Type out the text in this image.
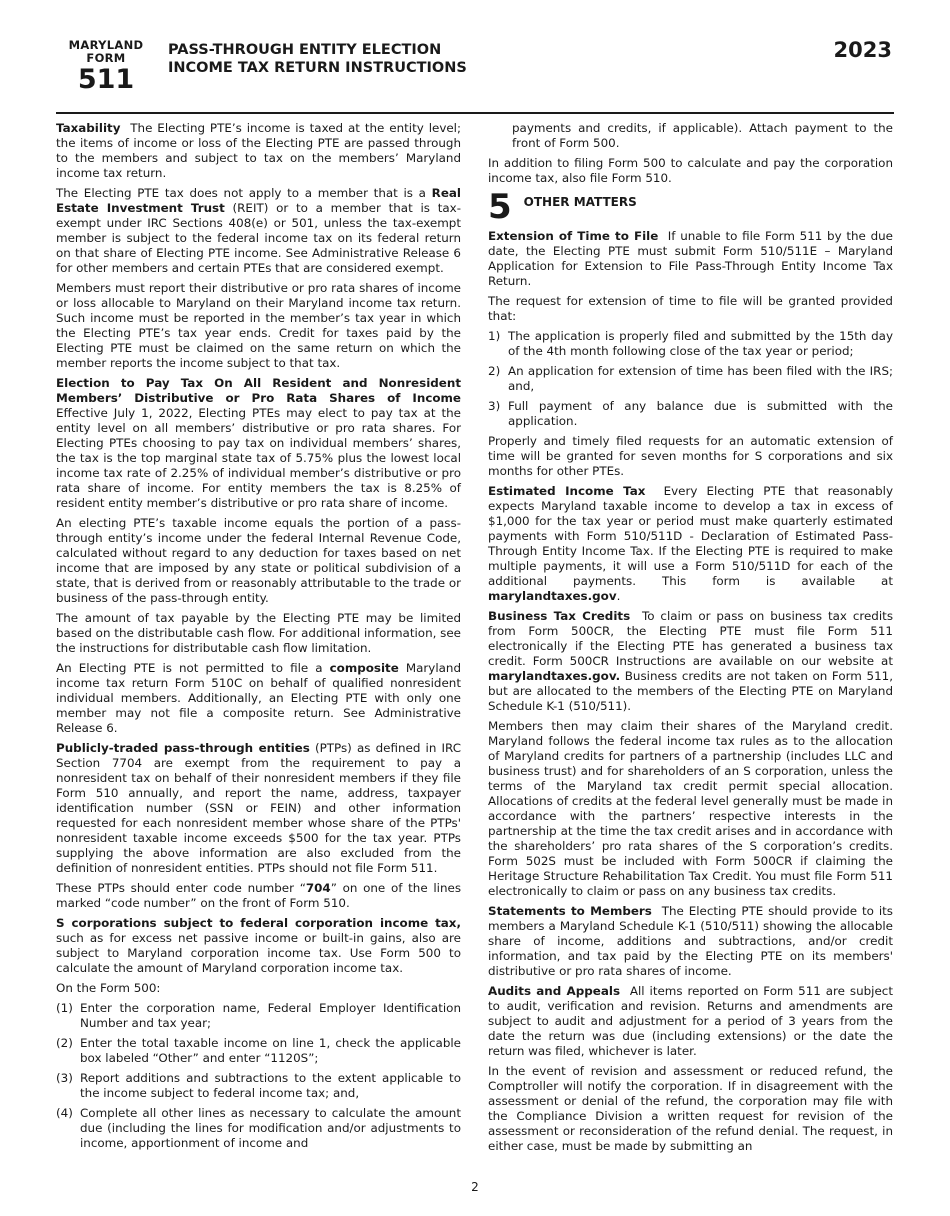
MARYLAND
FORM
511
PASS-THROUGH ENTITY ELECTION
INCOME TAX RETURN INSTRUCTIONS
2023

Taxability The Electing PTE’s income is taxed at the entity level; the items of income or loss of the Electing PTE are passed through to the members and subject to tax on the members’ Maryland income tax return.

The Electing PTE tax does not apply to a member that is a Real Estate Investment Trust (REIT) or to a member that is tax-exempt under IRC Sections 408(e) or 501, unless the tax-exempt member is subject to the federal income tax on its federal return on that share of Electing PTE income. See Administrative Release 6 for other members and certain PTEs that are considered exempt.

Members must report their distributive or pro rata shares of income or loss allocable to Maryland on their Maryland income tax return. Such income must be reported in the member’s tax year in which the Electing PTE’s tax year ends. Credit for taxes paid by the Electing PTE must be claimed on the same return on which the member reports the income subject to that tax.

Election to Pay Tax On All Resident and Nonresident Members’ Distributive or Pro Rata Shares of Income Effective July 1, 2022, Electing PTEs may elect to pay tax at the entity level on all members’ distributive or pro rata shares. For Electing PTEs choosing to pay tax on individual members’ shares, the tax is the top marginal state tax of 5.75% plus the lowest local income tax rate of 2.25% of individual member’s distributive or pro rata share of income. For entity members the tax is 8.25% of resident entity member’s distributive or pro rata share of income.

An electing PTE’s taxable income equals the portion of a pass-through entity’s income under the federal Internal Revenue Code, calculated without regard to any deduction for taxes based on net income that are imposed by any state or political subdivision of a state, that is derived from or reasonably attributable to the trade or business of the pass-through entity.

The amount of tax payable by the Electing PTE may be limited based on the distributable cash flow. For additional information, see the instructions for distributable cash flow limitation.

An Electing PTE is not permitted to file a composite Maryland income tax return Form 510C on behalf of qualified nonresident individual members. Additionally, an Electing PTE with only one member may not file a composite return. See Administrative Release 6.

Publicly-traded pass-through entities (PTPs) as defined in IRC Section 7704 are exempt from the requirement to pay a nonresident tax on behalf of their nonresident members if they file Form 510 annually, and report the name, address, taxpayer identification number (SSN or FEIN) and other information requested for each nonresident member whose share of the PTPs' nonresident taxable income exceeds $500 for the tax year. PTPs supplying the above information are also excluded from the definition of nonresident entities. PTPs should not file Form 511.

These PTPs should enter code number “704” on one of the lines marked “code number” on the front of Form 510.

S corporations subject to federal corporation income tax, such as for excess net passive income or built-in gains, also are subject to Maryland corporation income tax. Use Form 500 to calculate the amount of Maryland corporation income tax.

On the Form 500:

(1) Enter the corporation name, Federal Employer Identification Number and tax year;
(2) Enter the total taxable income on line 1, check the applicable box labeled “Other” and enter “1120S”;
(3) Report additions and subtractions to the extent applicable to the income subject to federal income tax; and,
(4) Complete all other lines as necessary to calculate the amount due (including the lines for modification and/or adjustments to income, apportionment of income and

payments and credits, if applicable). Attach payment to the front of Form 500.

In addition to filing Form 500 to calculate and pay the corporation income tax, also file Form 510.

5 OTHER MATTERS

Extension of Time to File If unable to file Form 511 by the due date, the Electing PTE must submit Form 510/511E – Maryland Application for Extension to File Pass-Through Entity Income Tax Return.

The request for extension of time to file will be granted provided that:

1) The application is properly filed and submitted by the 15th day of the 4th month following close of the tax year or period;
2) An application for extension of time has been filed with the IRS; and,
3) Full payment of any balance due is submitted with the application.

Properly and timely filed requests for an automatic extension of time will be granted for seven months for S corporations and six months for other PTEs.

Estimated Income Tax Every Electing PTE that reasonably expects Maryland taxable income to develop a tax in excess of $1,000 for the tax year or period must make quarterly estimated payments with Form 510/511D - Declaration of Estimated Pass-Through Entity Income Tax. If the Electing PTE is required to make multiple payments, it will use a Form 510/511D for each of the additional payments. This form is available at marylandtaxes.gov.

Business Tax Credits To claim or pass on business tax credits from Form 500CR, the Electing PTE must file Form 511 electronically if the Electing PTE has generated a business tax credit. Form 500CR Instructions are available on our website at marylandtaxes.gov. Business credits are not taken on Form 511, but are allocated to the members of the Electing PTE on Maryland Schedule K-1 (510/511).

Members then may claim their shares of the Maryland credit. Maryland follows the federal income tax rules as to the allocation of Maryland credits for partners of a partnership (includes LLC and business trust) and for shareholders of an S corporation, unless the terms of the Maryland tax credit permit special allocation. Allocations of credits at the federal level generally must be made in accordance with the partners’ respective interests in the partnership at the time the tax credit arises and in accordance with the shareholders’ pro rata shares of the S corporation’s credits. Form 502S must be included with Form 500CR if claiming the Heritage Structure Rehabilitation Tax Credit. You must file Form 511 electronically to claim or pass on any business tax credits.

Statements to Members The Electing PTE should provide to its members a Maryland Schedule K-1 (510/511) showing the allocable share of income, additions and subtractions, and/or credit information, and tax paid by the Electing PTE on its members' distributive or pro rata shares of income.

Audits and Appeals All items reported on Form 511 are subject to audit, verification and revision. Returns and amendments are subject to audit and adjustment for a period of 3 years from the date the return was due (including extensions) or the date the return was filed, whichever is later.

In the event of revision and assessment or reduced refund, the Comptroller will notify the corporation. If in disagreement with the assessment or denial of the refund, the corporation may file with the Compliance Division a written request for revision of the assessment or reconsideration of the refund denial. The request, in either case, must be made by submitting an

2
